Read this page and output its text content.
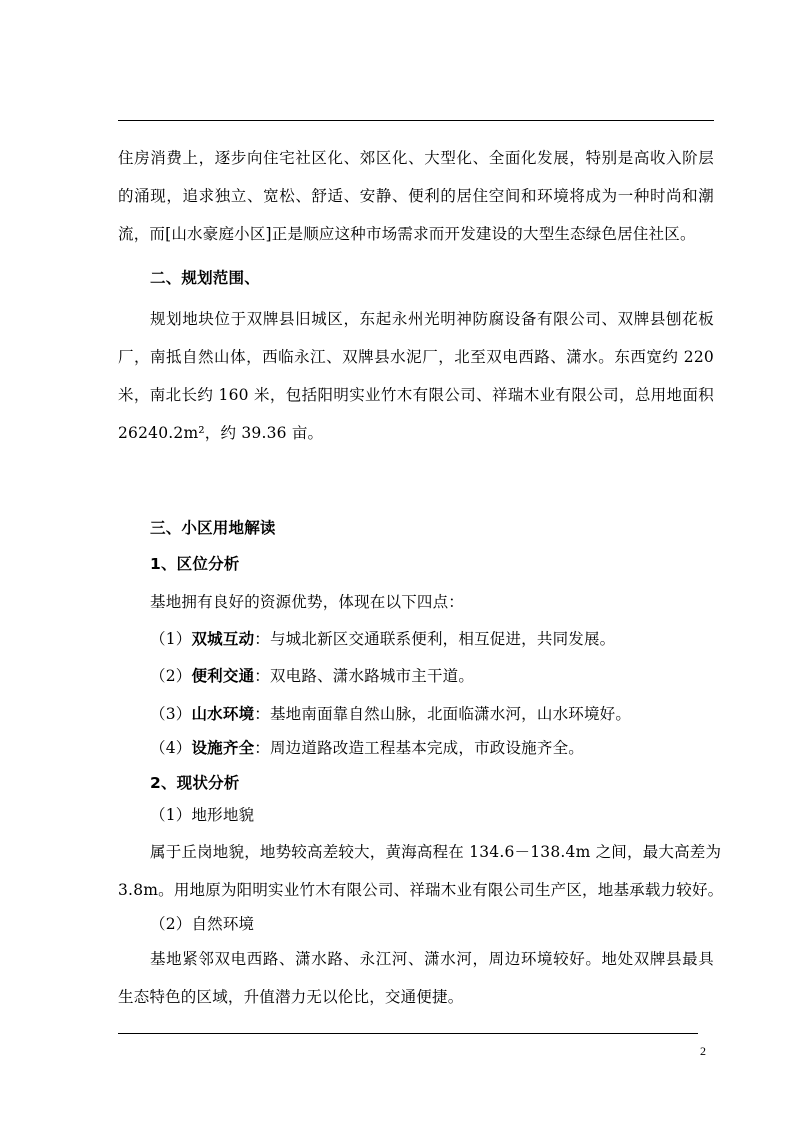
住房消费上，逐步向住宅社区化、郊区化、大型化、全面化发展，特别是高收入阶层
的涌现，追求独立、宽松、舒适、安静、便利的居住空间和环境将成为一种时尚和潮
流，而[山水豪庭小区]正是顺应这种市场需求而开发建设的大型生态绿色居住社区。
二、规划范围、
规划地块位于双牌县旧城区，东起永州光明神防腐设备有限公司、双牌县刨花板
厂，南抵自然山体，西临永江、双牌县水泥厂，北至双电西路、潇水。东西宽约 220
米，南北长约 160 米，包括阳明实业竹木有限公司、祥瑞木业有限公司，总用地面积
26240.2m²，约 39.36 亩。
三、小区用地解读
1、区位分析
基地拥有良好的资源优势，体现在以下四点：
（1）双城互动：与城北新区交通联系便利，相互促进，共同发展。
（2）便利交通：双电路、潇水路城市主干道。
（3）山水环境：基地南面靠自然山脉，北面临潇水河，山水环境好。
（4）设施齐全：周边道路改造工程基本完成，市政设施齐全。
2、现状分析
（1）地形地貌
属于丘岗地貌，地势较高差较大，黄海高程在 134.6－138.4m 之间，最大高差为
3.8m。用地原为阳明实业竹木有限公司、祥瑞木业有限公司生产区，地基承载力较好。
（2）自然环境
基地紧邻双电西路、潇水路、永江河、潇水河，周边环境较好。地处双牌县最具
生态特色的区域，升值潜力无以伦比，交通便捷。
2
